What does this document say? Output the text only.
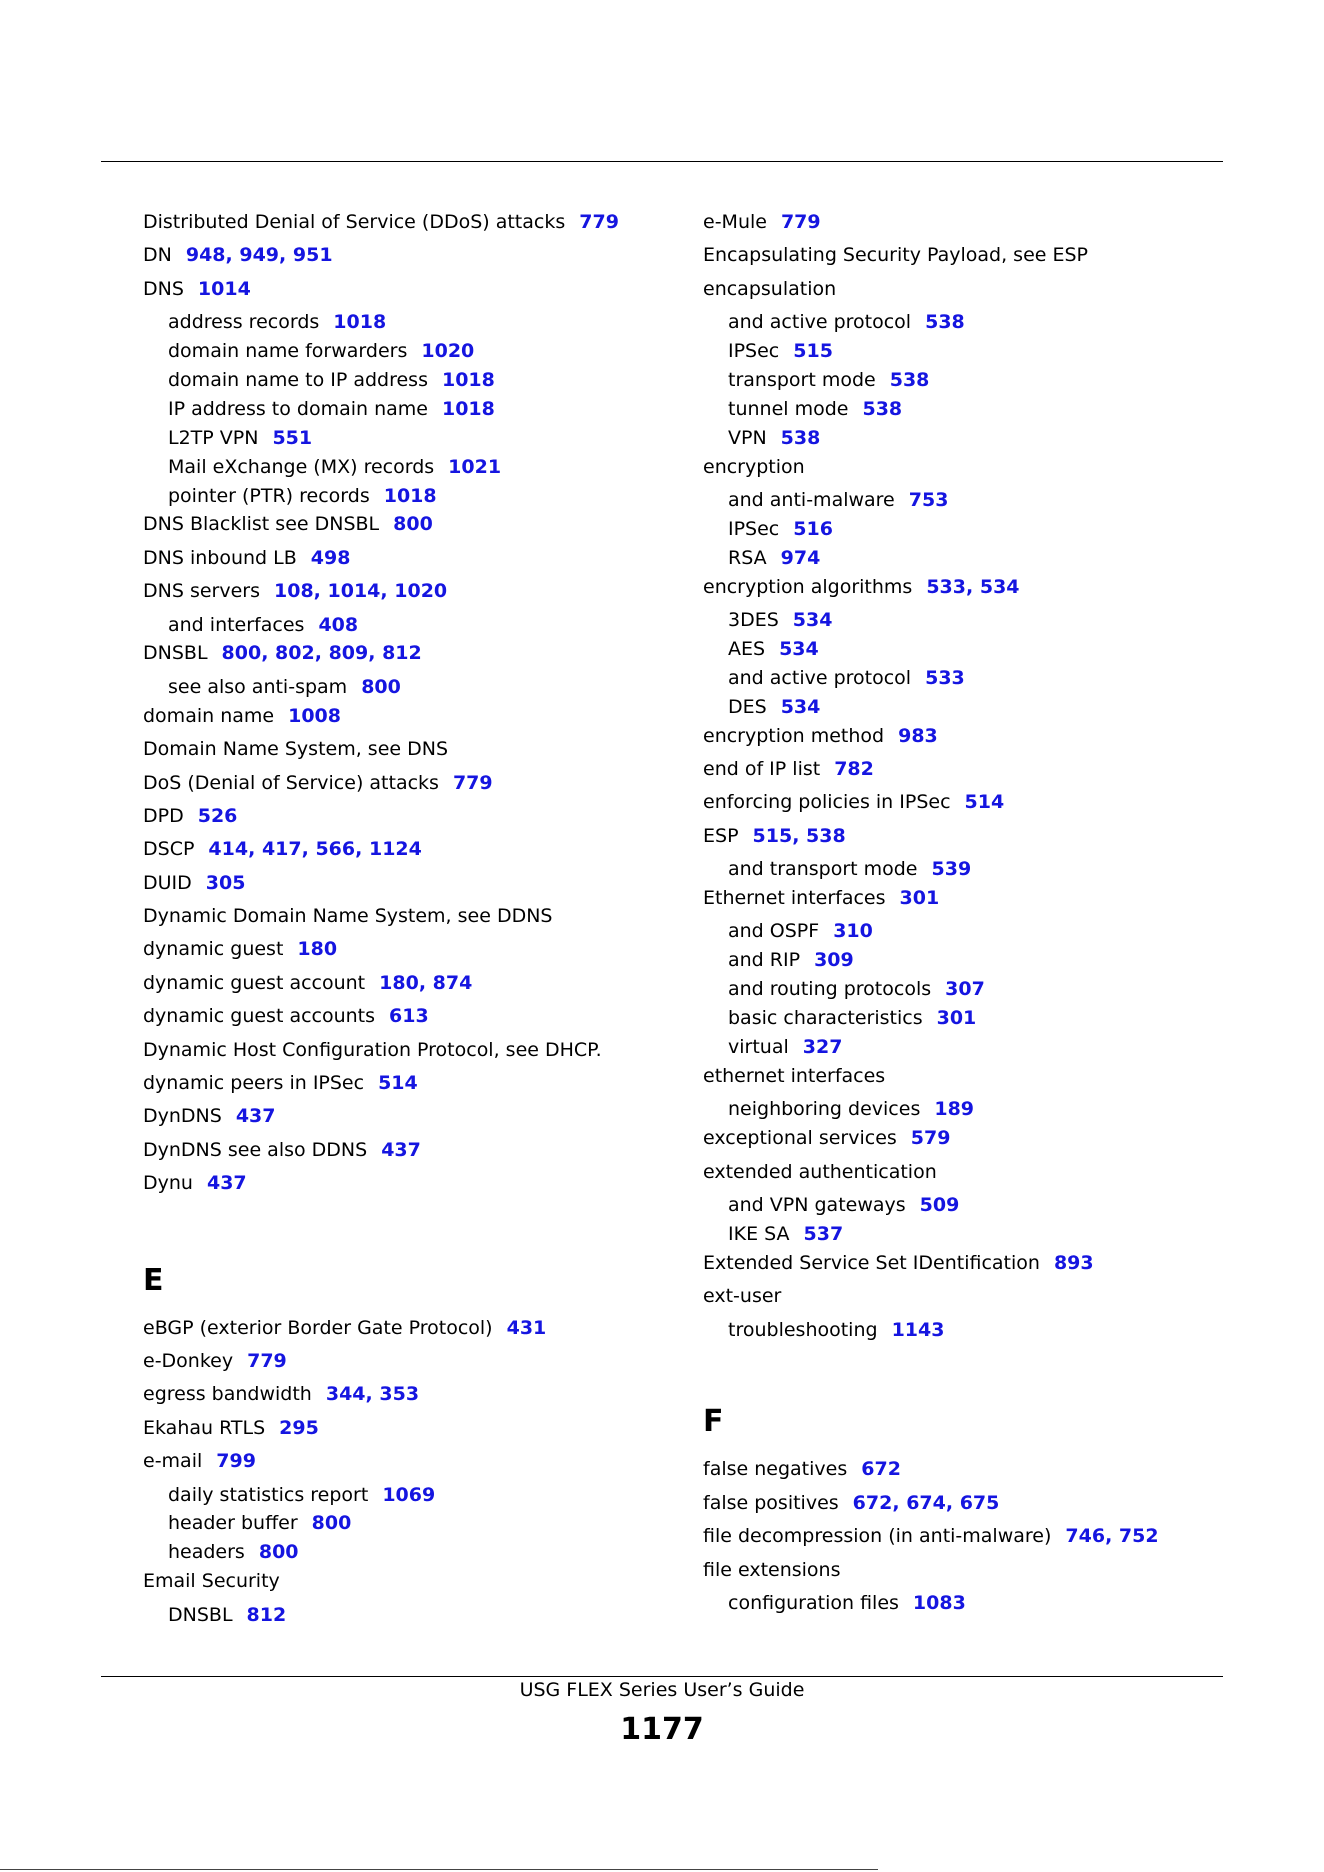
Distributed Denial of Service (DDoS) attacks 779
DN 948, 949, 951
DNS 1014
address records 1018
domain name forwarders 1020
domain name to IP address 1018
IP address to domain name 1018
L2TP VPN 551
Mail eXchange (MX) records 1021
pointer (PTR) records 1018
DNS Blacklist see DNSBL 800
DNS inbound LB 498
DNS servers 108, 1014, 1020
and interfaces 408
DNSBL 800, 802, 809, 812
see also anti-spam 800
domain name 1008
Domain Name System, see DNS
DoS (Denial of Service) attacks 779
DPD 526
DSCP 414, 417, 566, 1124
DUID 305
Dynamic Domain Name System, see DDNS
dynamic guest 180
dynamic guest account 180, 874
dynamic guest accounts 613
Dynamic Host Configuration Protocol, see DHCP.
dynamic peers in IPSec 514
DynDNS 437
DynDNS see also DDNS 437
Dynu 437
E
eBGP (exterior Border Gate Protocol) 431
e-Donkey 779
egress bandwidth 344, 353
Ekahau RTLS 295
e-mail 799
daily statistics report 1069
header buffer 800
headers 800
Email Security
DNSBL 812
e-Mule 779
Encapsulating Security Payload, see ESP
encapsulation
and active protocol 538
IPSec 515
transport mode 538
tunnel mode 538
VPN 538
encryption
and anti-malware 753
IPSec 516
RSA 974
encryption algorithms 533, 534
3DES 534
AES 534
and active protocol 533
DES 534
encryption method 983
end of IP list 782
enforcing policies in IPSec 514
ESP 515, 538
and transport mode 539
Ethernet interfaces 301
and OSPF 310
and RIP 309
and routing protocols 307
basic characteristics 301
virtual 327
ethernet interfaces
neighboring devices 189
exceptional services 579
extended authentication
and VPN gateways 509
IKE SA 537
Extended Service Set IDentification 893
ext-user
troubleshooting 1143
F
false negatives 672
false positives 672, 674, 675
file decompression (in anti-malware) 746, 752
file extensions
configuration files 1083
USG FLEX Series User’s Guide
1177
